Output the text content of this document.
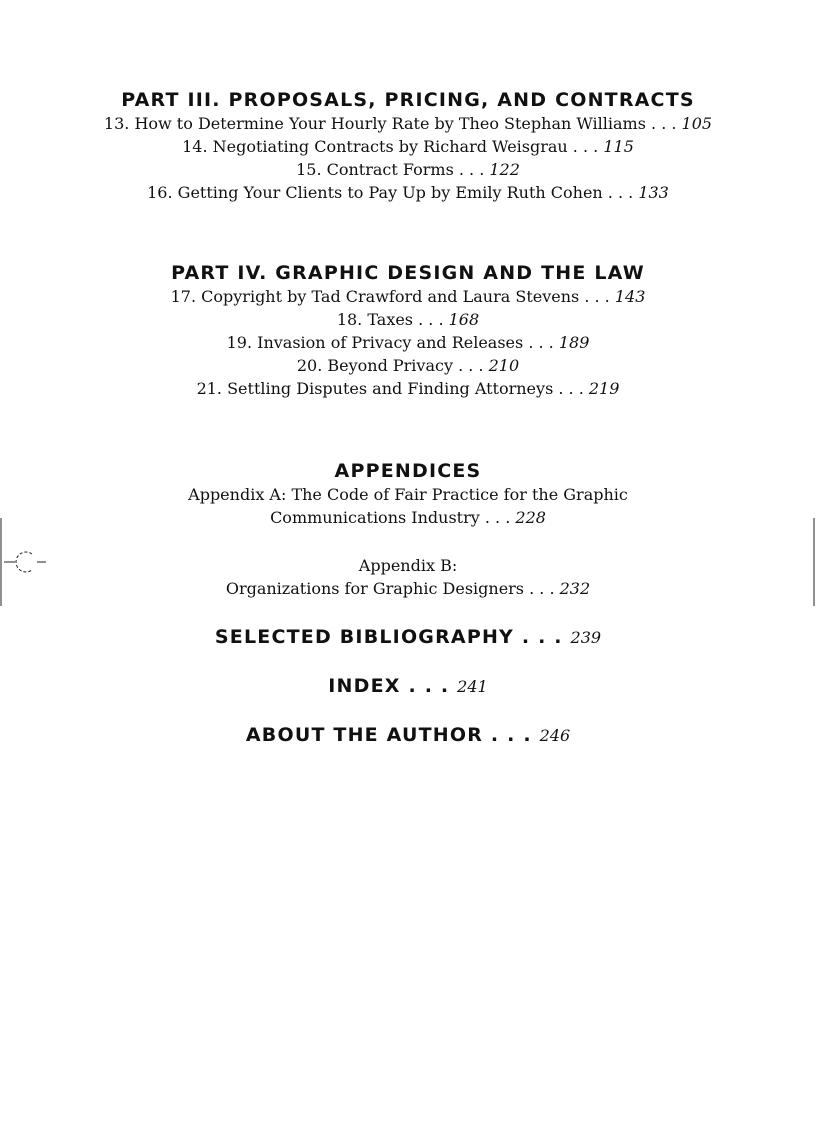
PART III. PROPOSALS, PRICING, AND CONTRACTS

13. How to Determine Your Hourly Rate by Theo Stephan Williams . . . 105

14. Negotiating Contracts by Richard Weisgrau . . . 115

15. Contract Forms . . . 122

16. Getting Your Clients to Pay Up by Emily Ruth Cohen . . . 133

PART IV. GRAPHIC DESIGN AND THE LAW

17. Copyright by Tad Crawford and Laura Stevens . . . 143

18. Taxes . . . 168

19. Invasion of Privacy and Releases . . . 189

20. Beyond Privacy . . . 210

21. Settling Disputes and Finding Attorneys . . . 219

APPENDICES

Appendix A: The Code of Fair Practice for the Graphic

Communications Industry . . . 228

Appendix B:

Organizations for Graphic Designers . . . 232

SELECTED BIBLIOGRAPHY . . . 239

INDEX . . . 241

ABOUT THE AUTHOR . . . 246
